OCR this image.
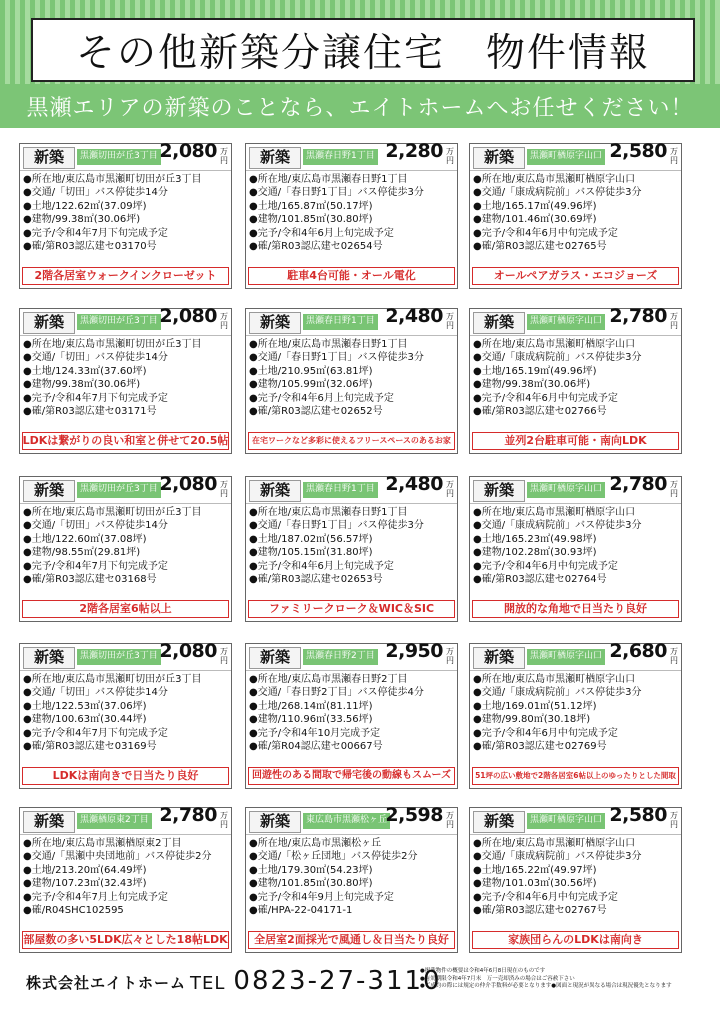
その他新築分譲住宅　物件情報
黒瀬エリアの新築のことなら、エイトホームへお任せください！
新築	黒瀬切田が丘3丁目 2,080 万円
●所在地/東広島市黒瀬町切田が丘3丁目
●交通/「切田」バス停徒歩14分
●土地/122.62㎡(37.09坪)
●建物/99.38㎡(30.06坪)
●完予/令和4年7月下旬完成予定
●確/第R03認広建セ03170号
2階各居室ウォークインクローゼット
新築	黒瀬春日野1丁目 2,280 万円
●所在地/東広島市黒瀬春日野1丁目
●交通/「春日野1丁目」バス停徒歩3分
●土地/165.87㎡(50.17坪)
●建物/101.85㎡(30.80坪)
●完予/令和4年6月上旬完成予定
●確/第R03認広建セ02654号
駐車4台可能・オール電化
新築	黒瀬町楢原字山口 2,580 万円
●所在地/東広島市黒瀬町楢原字山口
●交通/「康成病院前」バス停徒歩3分
●土地/165.17㎡(49.96坪)
●建物/101.46㎡(30.69坪)
●完予/令和4年6月中旬完成予定
●確/第R03認広建セ02765号
オールペアガラス・エコジョーズ
新築	黒瀬切田が丘3丁目 2,080 万円
●所在地/東広島市黒瀬町切田が丘3丁目
●交通/「切田」バス停徒歩14分
●土地/124.33㎡(37.60坪)
●建物/99.38㎡(30.06坪)
●完予/令和4年7月下旬完成予定
●確/第R03認広建セ03171号
LDKは繋がりの良い和室と併せて20.5帖
新築	黒瀬春日野1丁目 2,480 万円
●所在地/東広島市黒瀬春日野1丁目
●交通/「春日野1丁目」バス停徒歩3分
●土地/210.95㎡(63.81坪)
●建物/105.99㎡(32.06坪)
●完予/令和4年6月上旬完成予定
●確/第R03認広建セ02652号
在宅ワークなど多彩に使えるフリースペースのあるお家
新築	黒瀬町楢原字山口 2,780 万円
●所在地/東広島市黒瀬町楢原字山口
●交通/「康成病院前」バス停徒歩3分
●土地/165.19㎡(49.96坪)
●建物/99.38㎡(30.06坪)
●完予/令和4年6月中旬完成予定
●確/第R03認広建セ02766号
並列2台駐車可能・南向LDK
新築	黒瀬切田が丘3丁目 2,080 万円
●所在地/東広島市黒瀬町切田が丘3丁目
●交通/「切田」バス停徒歩14分
●土地/122.60㎡(37.08坪)
●建物/98.55㎡(29.81坪)
●完予/令和4年7月下旬完成予定
●確/第R03認広建セ03168号
2階各居室6帖以上
新築	黒瀬春日野1丁目 2,480 万円
●所在地/東広島市黒瀬春日野1丁目
●交通/「春日野1丁目」バス停徒歩3分
●土地/187.02㎡(56.57坪)
●建物/105.15㎡(31.80坪)
●完予/令和4年6月上旬完成予定
●確/第R03認広建セ02653号
ファミリークローク＆WIC＆SIC
新築	黒瀬町楢原字山口 2,780 万円
●所在地/東広島市黒瀬町楢原字山口
●交通/「康成病院前」バス停徒歩3分
●土地/165.23㎡(49.98坪)
●建物/102.28㎡(30.93坪)
●完予/令和4年6月中旬完成予定
●確/第R03認広建セ02764号
開放的な角地で日当たり良好
新築	黒瀬切田が丘3丁目 2,080 万円
●所在地/東広島市黒瀬町切田が丘3丁目
●交通/「切田」バス停徒歩14分
●土地/122.53㎡(37.06坪)
●建物/100.63㎡(30.44坪)
●完予/令和4年7月下旬完成予定
●確/第R03認広建セ03169号
LDKは南向きで日当たり良好
新築	黒瀬春日野2丁目 2,950 万円
●所在地/東広島市黒瀬春日野2丁目
●交通/「春日野2丁目」バス停徒歩4分
●土地/268.14㎡(81.11坪)
●建物/110.96㎡(33.56坪)
●完予/令和4年10月完成予定
●確/第R04認広建セ00667号
回遊性のある間取で帰宅後の動線もスムーズ
新築	黒瀬町楢原字山口 2,680 万円
●所在地/東広島市黒瀬町楢原字山口
●交通/「康成病院前」バス停徒歩3分
●土地/169.01㎡(51.12坪)
●建物/99.80㎡(30.18坪)
●完予/令和4年6月中旬完成予定
●確/第R03認広建セ02769号
51坪の広い敷地で2階各居室6帖以上のゆったりとした間取
新築	黒瀬楢原東2丁目 2,780 万円
●所在地/東広島市黒瀬楢原東2丁目
●交通/「黒瀬中央団地前」バス停徒歩2分
●土地/213.20㎡(64.49坪)
●建物/107.23㎡(32.43坪)
●完予/令和4年7月上旬完成予定
●確/R04SHC102595
部屋数の多い5LDK広々とした18帖LDK
新築	東広島市黒瀬松ヶ丘
2,598 万円
●所在地/東広島市黒瀬松ヶ丘
●交通/「松ヶ丘団地」バス停徒歩2分
●土地/179.30㎡(54.23坪)
●建物/101.85㎡(30.80坪)
●完予/令和4年9月上旬完成予定
●確/HPA-22-04171-1
全居室2面採光で風通し＆日当たり良好
新築	黒瀬町楢原字山口 2,580 万円
●所在地/東広島市黒瀬町楢原字山口
●交通/「康成病院前」バス停徒歩3分
●土地/165.22㎡(49.97坪)
●建物/101.03㎡(30.56坪)
●完予/令和4年6月中旬完成予定
●確/第R03認広建セ02767号
家族団らんのLDKは南向き
株式会社エイトホーム TEL 0823-27-3110
●掲載物件の概要は令和4年6月8日現在のものです
●有効期限令和4年7月末　万一売却済みの場合はご容赦下さい
●ご成約の際には規定の仲介手数料が必要となります●図面と現況が異なる場合は現況優先となります
